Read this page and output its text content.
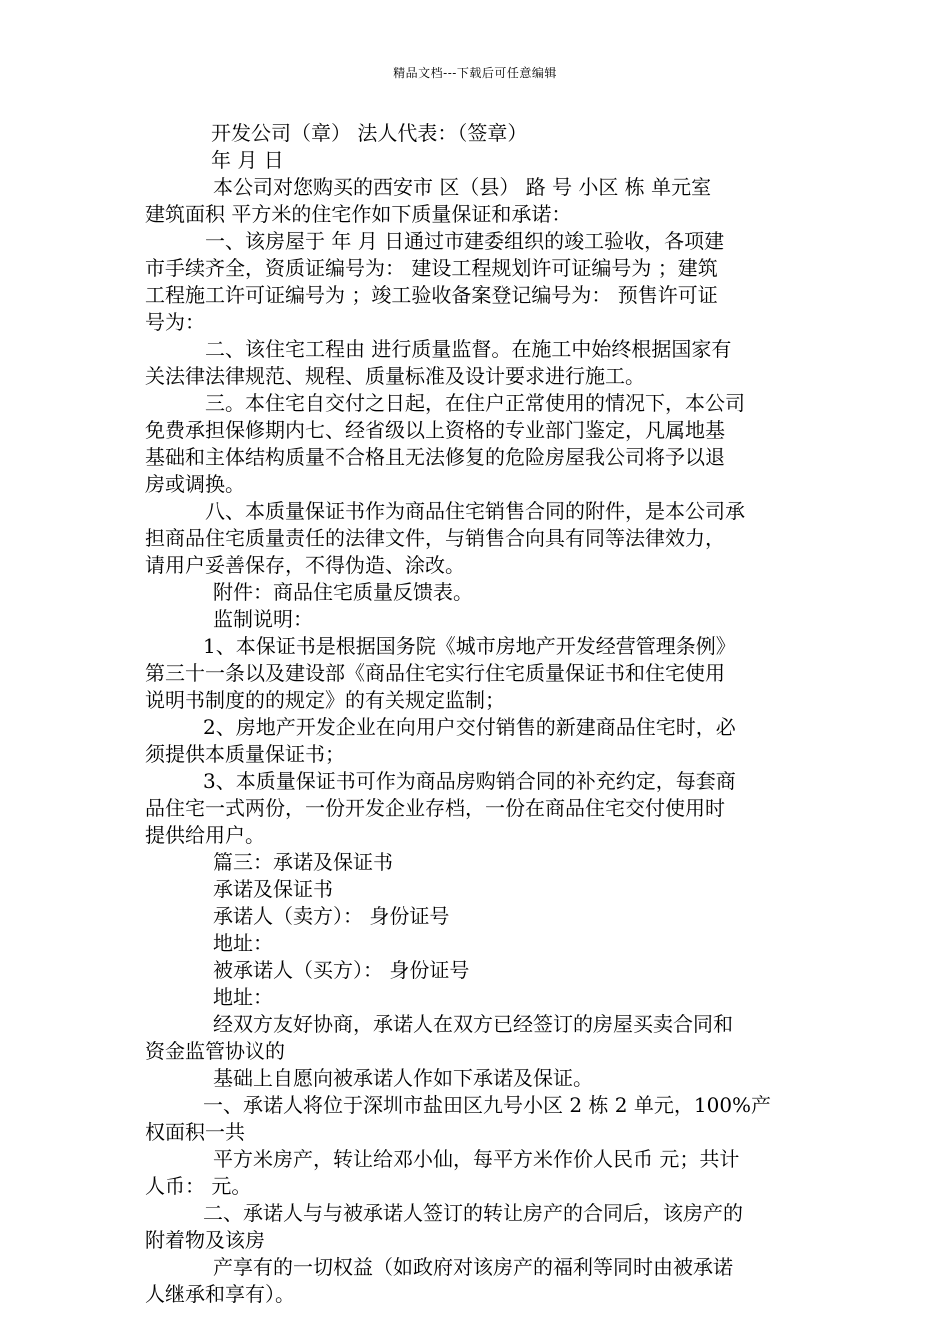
精品文档---下载后可任意编辑
开发公司（章） 法人代表：（签章）
年 月 日
本公司对您购买的西安市 区（县） 路 号 小区 栋 单元室
建筑面积 平方米的住宅作如下质量保证和承诺：
一、该房屋于 年 月 日通过市建委组织的竣工验收，各项建
市手续齐全，资质证编号为： 建设工程规划许可证编号为 ；建筑
工程施工许可证编号为 ；竣工验收备案登记编号为： 预售许可证
号为：
二、该住宅工程由 进行质量监督。在施工中始终根据国家有
关法律法律规范、规程、质量标准及设计要求进行施工。
三。本住宅自交付之日起，在住户正常使用的情况下，本公司
免费承担保修期内七、经省级以上资格的专业部门鉴定，凡属地基
基础和主体结构质量不合格且无法修复的危险房屋我公司将予以退
房或调换。
八、本质量保证书作为商品住宅销售合同的附件，是本公司承
担商品住宅质量责任的法律文件，与销售合向具有同等法律效力，
请用户妥善保存，不得伪造、涂改。
附件：商品住宅质量反馈表。
监制说明：
1、本保证书是根据国务院《城市房地产开发经营管理条例》
第三十一条以及建设部《商品住宅实行住宅质量保证书和住宅使用
说明书制度的的规定》的有关规定监制；
2、房地产开发企业在向用户交付销售的新建商品住宅时，必
须提供本质量保证书；
3、本质量保证书可作为商品房购销合同的补充约定，每套商
品住宅一式两份，一份开发企业存档，一份在商品住宅交付使用时
提供给用户。
篇三：承诺及保证书
承诺及保证书
承诺人（卖方）： 身份证号
地址：
被承诺人（买方）： 身份证号
地址：
经双方友好协商，承诺人在双方已经签订的房屋买卖合同和
资金监管协议的
基础上自愿向被承诺人作如下承诺及保证。
一、承诺人将位于深圳市盐田区九号小区 2 栋 2 单元，100%产
权面积一共
平方米房产，转让给邓小仙，每平方米作价人民币 元；共计
人币： 元。
二、承诺人与与被承诺人签订的转让房产的合同后，该房产的
附着物及该房
产享有的一切权益（如政府对该房产的福利等同时由被承诺
人继承和享有）。
